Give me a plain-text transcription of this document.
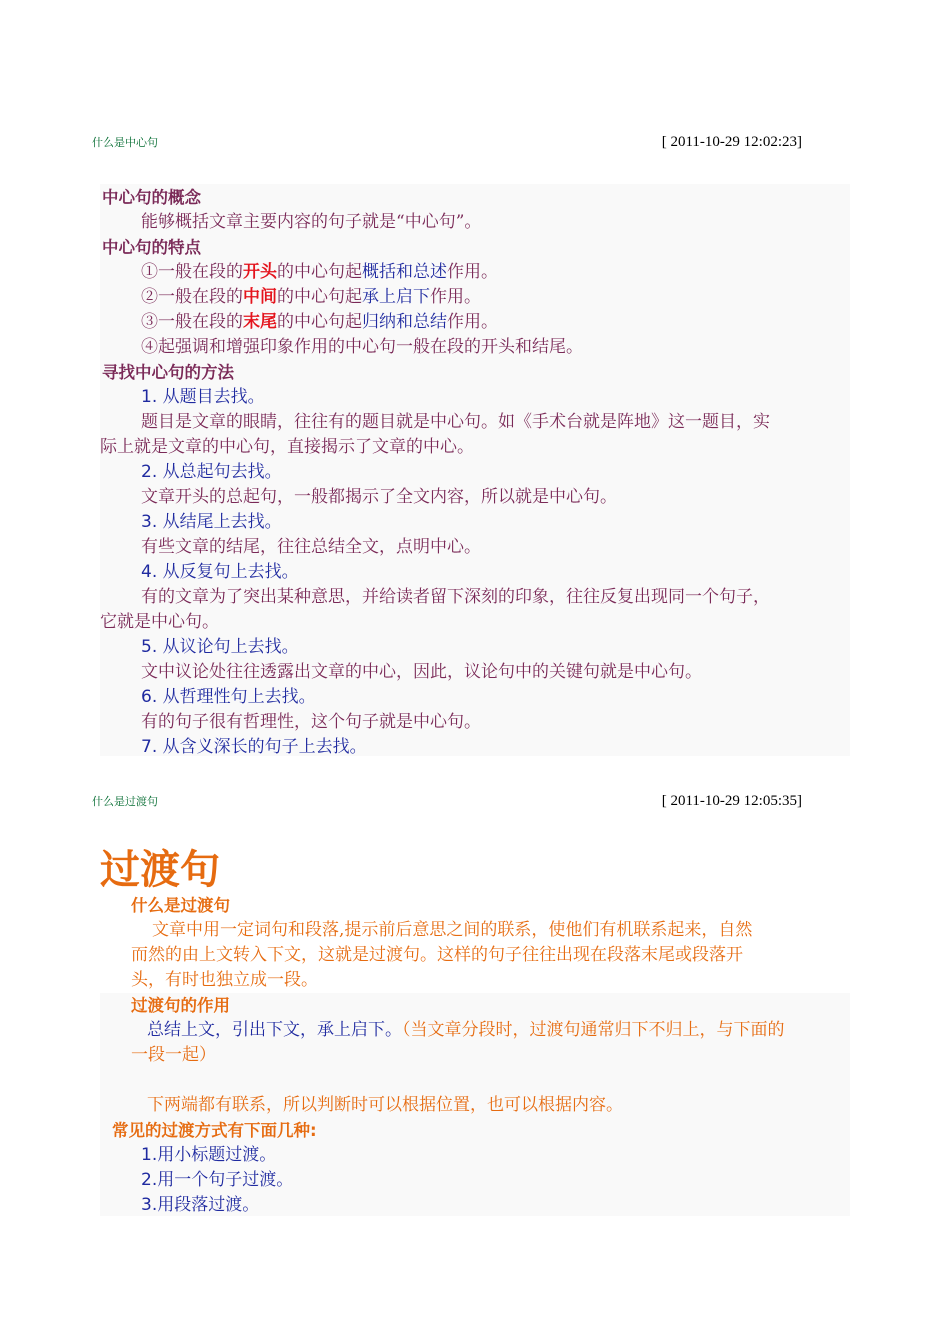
什么是中心句	[ 2011-10-29 12:02:23]
中心句的概念
能够概括文章主要内容的句子就是“中心句”。
中心句的特点
①一般在段的开头的中心句起概括和总述作用。
②一般在段的中间的中心句起承上启下作用。
③一般在段的末尾的中心句起归纳和总结作用。
④起强调和增强印象作用的中心句一般在段的开头和结尾。
寻找中心句的方法
1. 从题目去找。
题目是文章的眼睛，往往有的题目就是中心句。如《手术台就是阵地》这一题目，实
际上就是文章的中心句，直接揭示了文章的中心。
2. 从总起句去找。
文章开头的总起句，一般都揭示了全文内容，所以就是中心句。
3. 从结尾上去找。
有些文章的结尾，往往总结全文，点明中心。
4. 从反复句上去找。
有的文章为了突出某种意思，并给读者留下深刻的印象，往往反复出现同一个句子，
它就是中心句。
5. 从议论句上去找。
文中议论处往往透露出文章的中心，因此，议论句中的关键句就是中心句。
6. 从哲理性句上去找。
有的句子很有哲理性，这个句子就是中心句。
7. 从含义深长的句子上去找。
什么是过渡句	[ 2011-10-29 12:05:35]
过渡句
什么是过渡句
文章中用一定词句和段落,提示前后意思之间的联系，使他们有机联系起来，自然
而然的由上文转入下文，这就是过渡句。这样的句子往往出现在段落末尾或段落开
头，有时也独立成一段。
过渡句的作用
总结上文，引出下文，承上启下。（当文章分段时，过渡句通常归下不归上，与下面的
一段一起）
下两端都有联系，所以判断时可以根据位置，也可以根据内容。
常见的过渡方式有下面几种:
1.用小标题过渡。
2.用一个句子过渡。
3.用段落过渡。
